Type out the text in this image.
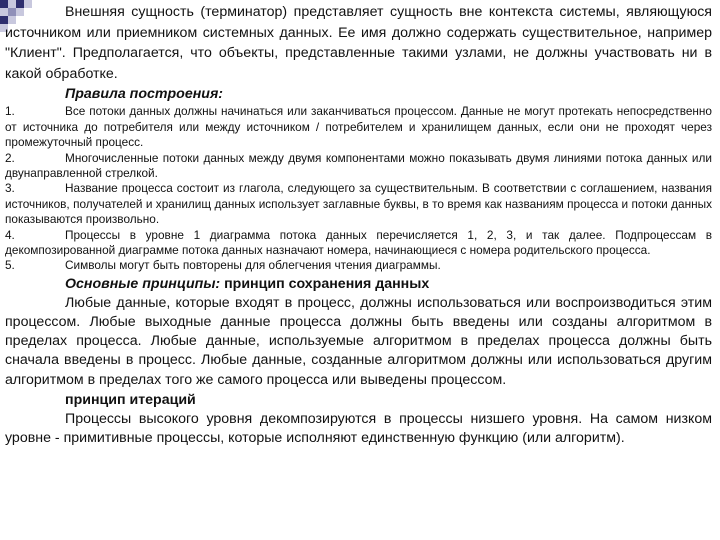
Внешняя сущность (терминатор) представляет сущность вне контекста системы, являющуюся источником или приемником системных данных. Ее имя должно содержать существительное, например "Клиент". Предполагается, что объекты, представленные такими узлами, не должны участвовать ни в какой обработке.

Правила построения:

1.	Все потоки данных должны начинаться или заканчиваться процессом. Данные не могут протекать непосредственно от источника до потребителя или между источником / потребителем и хранилищем данных, если они не проходят через промежуточный процесс.

2.	Многочисленные потоки данных между двумя компонентами можно показывать двумя линиями потока данных или двунаправленной стрелкой.

3.	Название процесса состоит из глагола, следующего за существительным. В соответствии с соглашением, названия источников, получателей и хранилищ данных использует заглавные буквы, в то время как названиям процесса и потоки данных показываются произвольно.

4.	Процессы в уровне 1 диаграмма потока данных перечисляется 1, 2, 3, и так далее. Подпроцессам в декомпозированной диаграмме потока данных назначают номера, начинающиеся с номера родительского процесса.

5.	Символы могут быть повторены для облегчения чтения диаграммы.

Основные принципы: принцип сохранения данных

Любые данные, которые входят в процесс, должны использоваться или воспроизводиться этим процессом. Любые выходные данные процесса должны быть введены или созданы алгоритмом в пределах процесса. Любые данные, используемые алгоритмом в пределах процесса должны быть сначала введены в процесс. Любые данные, созданные алгоритмом должны или использоваться другим алгоритмом в пределах того же самого процесса или выведены процессом.

принцип итераций

Процессы высокого уровня декомпозируются в процессы низшего уровня. На самом низком уровне - примитивные процессы, которые исполняют единственную функцию (или алгоритм).
